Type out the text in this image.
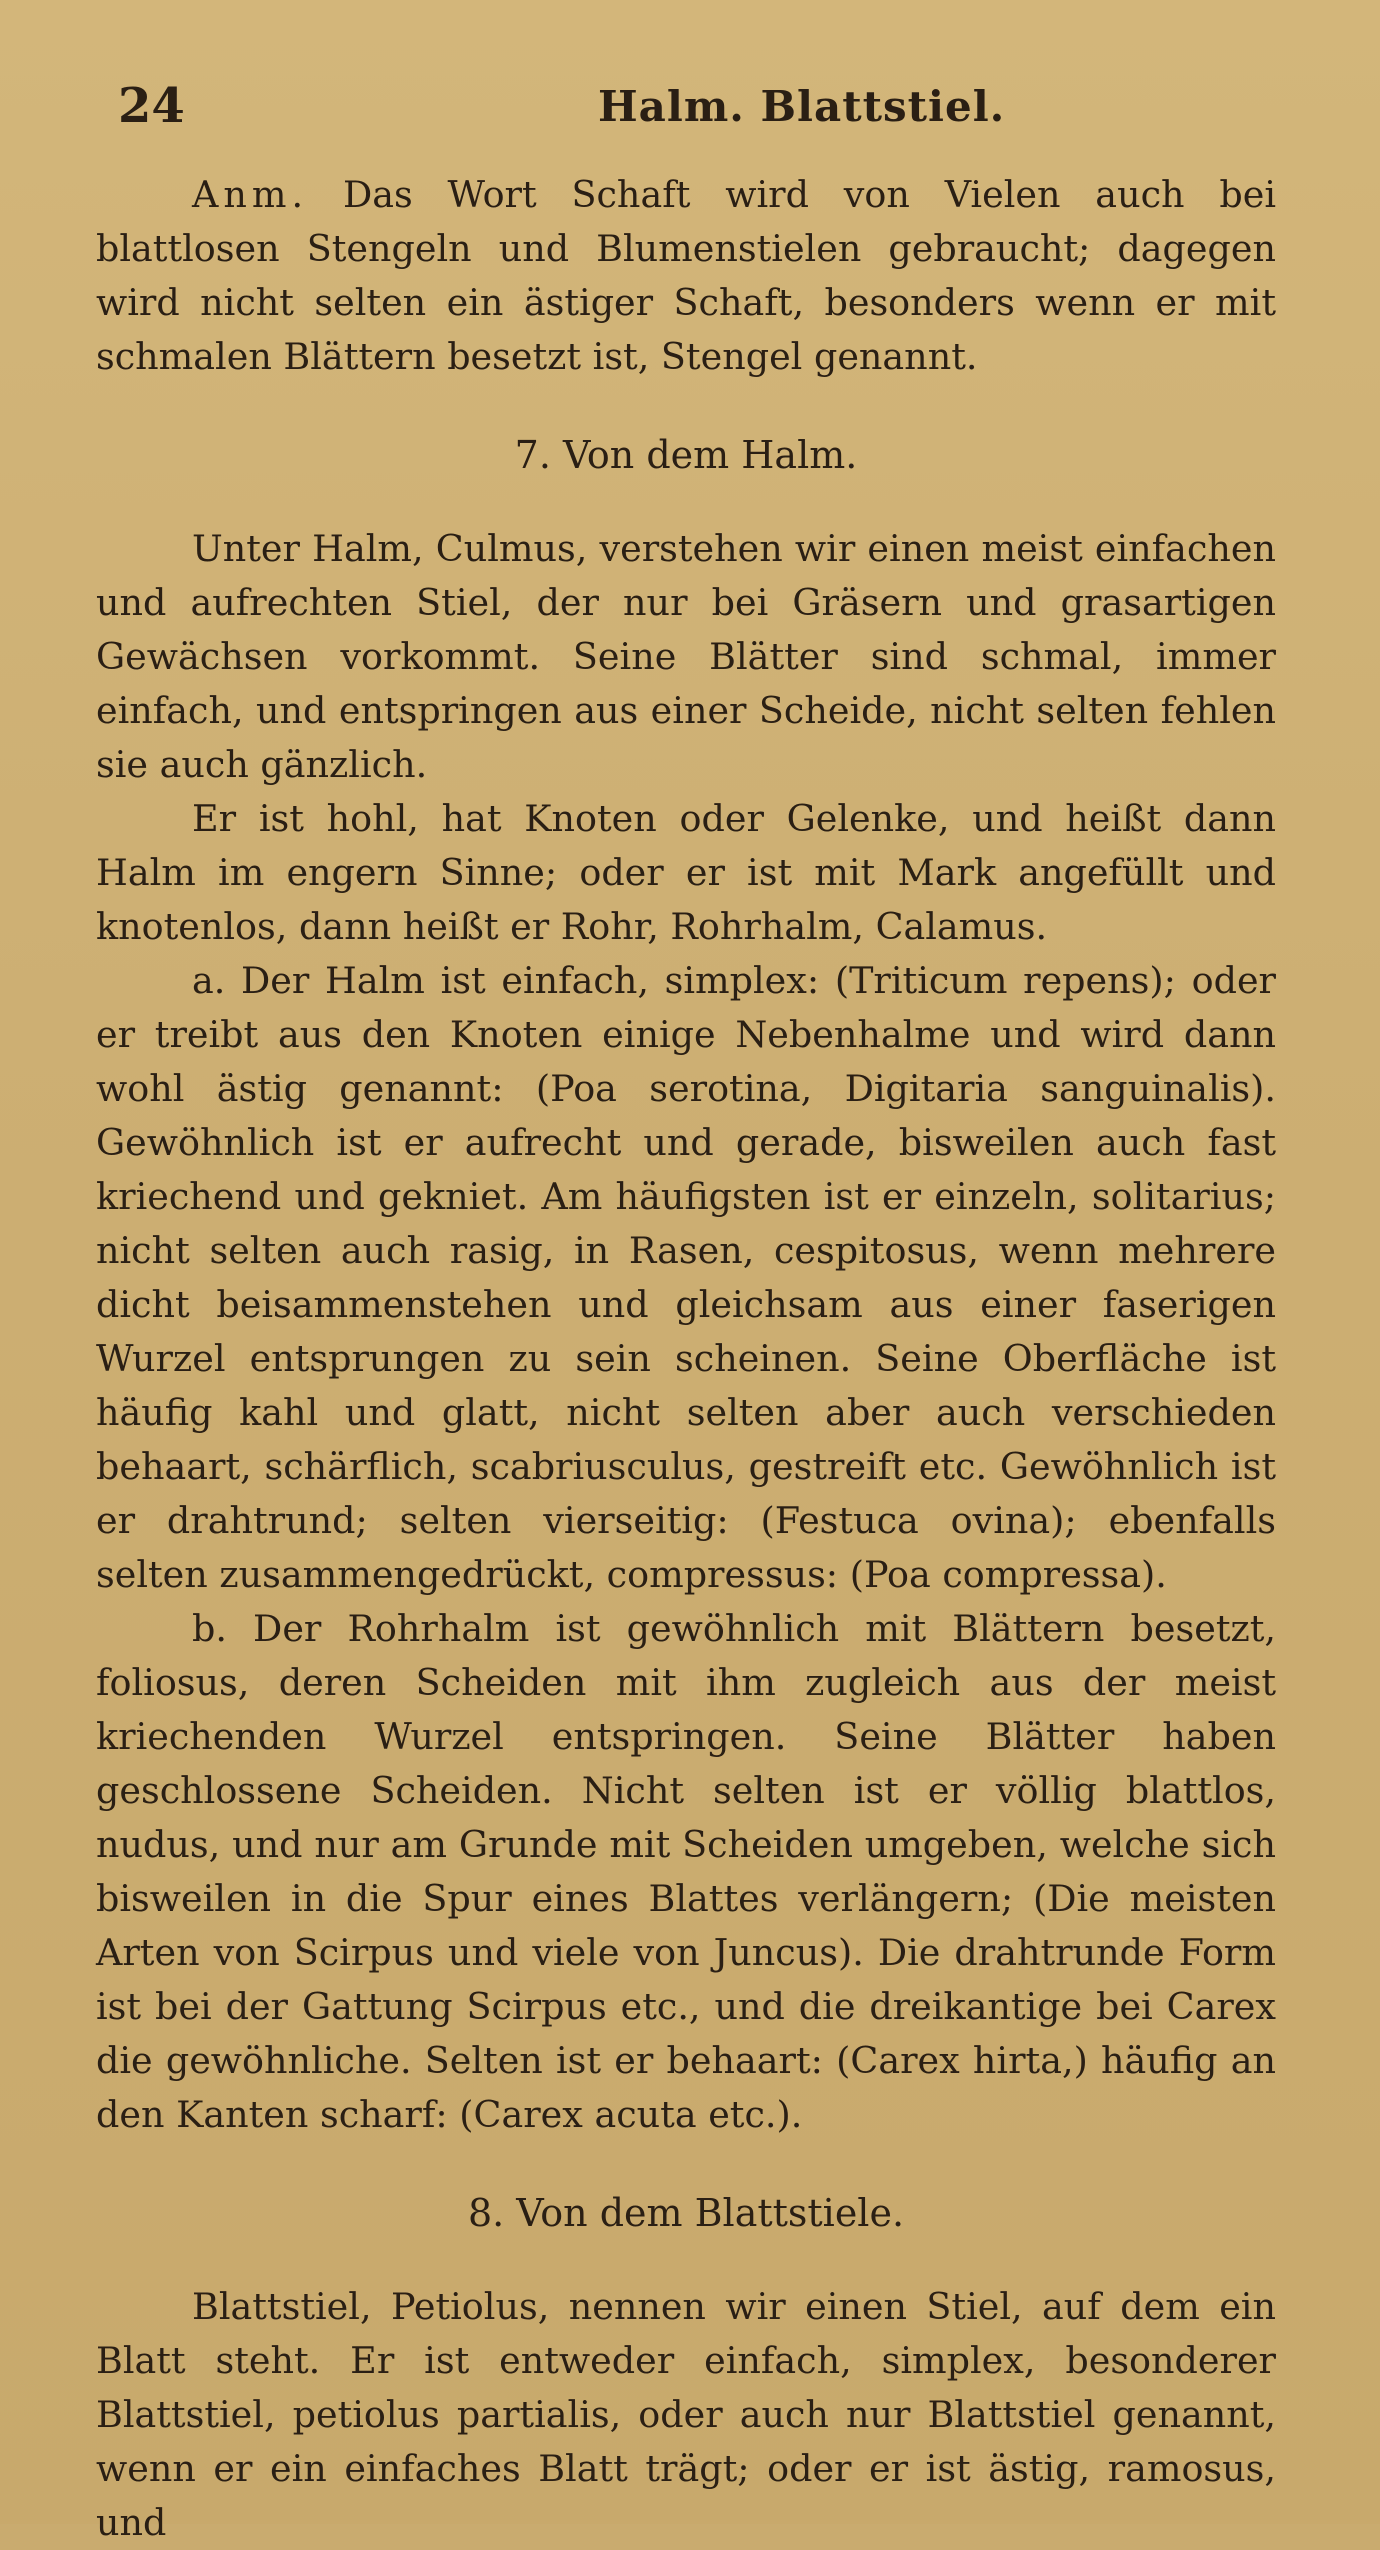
24	Halm. Blattstiel.

Anm. Das Wort Schaft wird von Vielen auch bei blattlosen Stengeln und Blumenstielen gebraucht; dagegen wird nicht selten ein ästiger Schaft, besonders wenn er mit schmalen Blättern besetzt ist, Stengel genannt.

7. Von dem Halm.

Unter Halm, Culmus, verstehen wir einen meist einfachen und aufrechten Stiel, der nur bei Gräsern und grasartigen Gewächsen vorkommt. Seine Blätter sind schmal, immer einfach, und entspringen aus einer Scheide, nicht selten fehlen sie auch gänzlich.

Er ist hohl, hat Knoten oder Gelenke, und heißt dann Halm im engern Sinne; oder er ist mit Mark angefüllt und knotenlos, dann heißt er Rohr, Rohrhalm, Calamus.

a. Der Halm ist einfach, simplex: (Triticum repens); oder er treibt aus den Knoten einige Nebenhalme und wird dann wohl ästig genannt: (Poa serotina, Digitaria sanguinalis). Gewöhnlich ist er aufrecht und gerade, bisweilen auch fast kriechend und gekniet. Am häufigsten ist er einzeln, solitarius; nicht selten auch rasig, in Rasen, cespitosus, wenn mehrere dicht beisammenstehen und gleichsam aus einer faserigen Wurzel entsprungen zu sein scheinen. Seine Oberfläche ist häufig kahl und glatt, nicht selten aber auch verschieden behaart, schärflich, scabriusculus, gestreift etc. Gewöhnlich ist er drahtrund; selten vierseitig: (Festuca ovina); ebenfalls selten zusammengedrückt, compressus: (Poa compressa).

b. Der Rohrhalm ist gewöhnlich mit Blättern besetzt, foliosus, deren Scheiden mit ihm zugleich aus der meist kriechenden Wurzel entspringen. Seine Blätter haben geschlossene Scheiden. Nicht selten ist er völlig blattlos, nudus, und nur am Grunde mit Scheiden umgeben, welche sich bisweilen in die Spur eines Blattes verlängern; (Die meisten Arten von Scirpus und viele von Juncus). Die drahtrunde Form ist bei der Gattung Scirpus etc., und die dreikantige bei Carex die gewöhnliche. Selten ist er behaart: (Carex hirta,) häufig an den Kanten scharf: (Carex acuta etc.).

8. Von dem Blattstiele.

Blattstiel, Petiolus, nennen wir einen Stiel, auf dem ein Blatt steht. Er ist entweder einfach, simplex, besonderer Blattstiel, petiolus partialis, oder auch nur Blattstiel genannt, wenn er ein einfaches Blatt trägt; oder er ist ästig, ramosus, und
